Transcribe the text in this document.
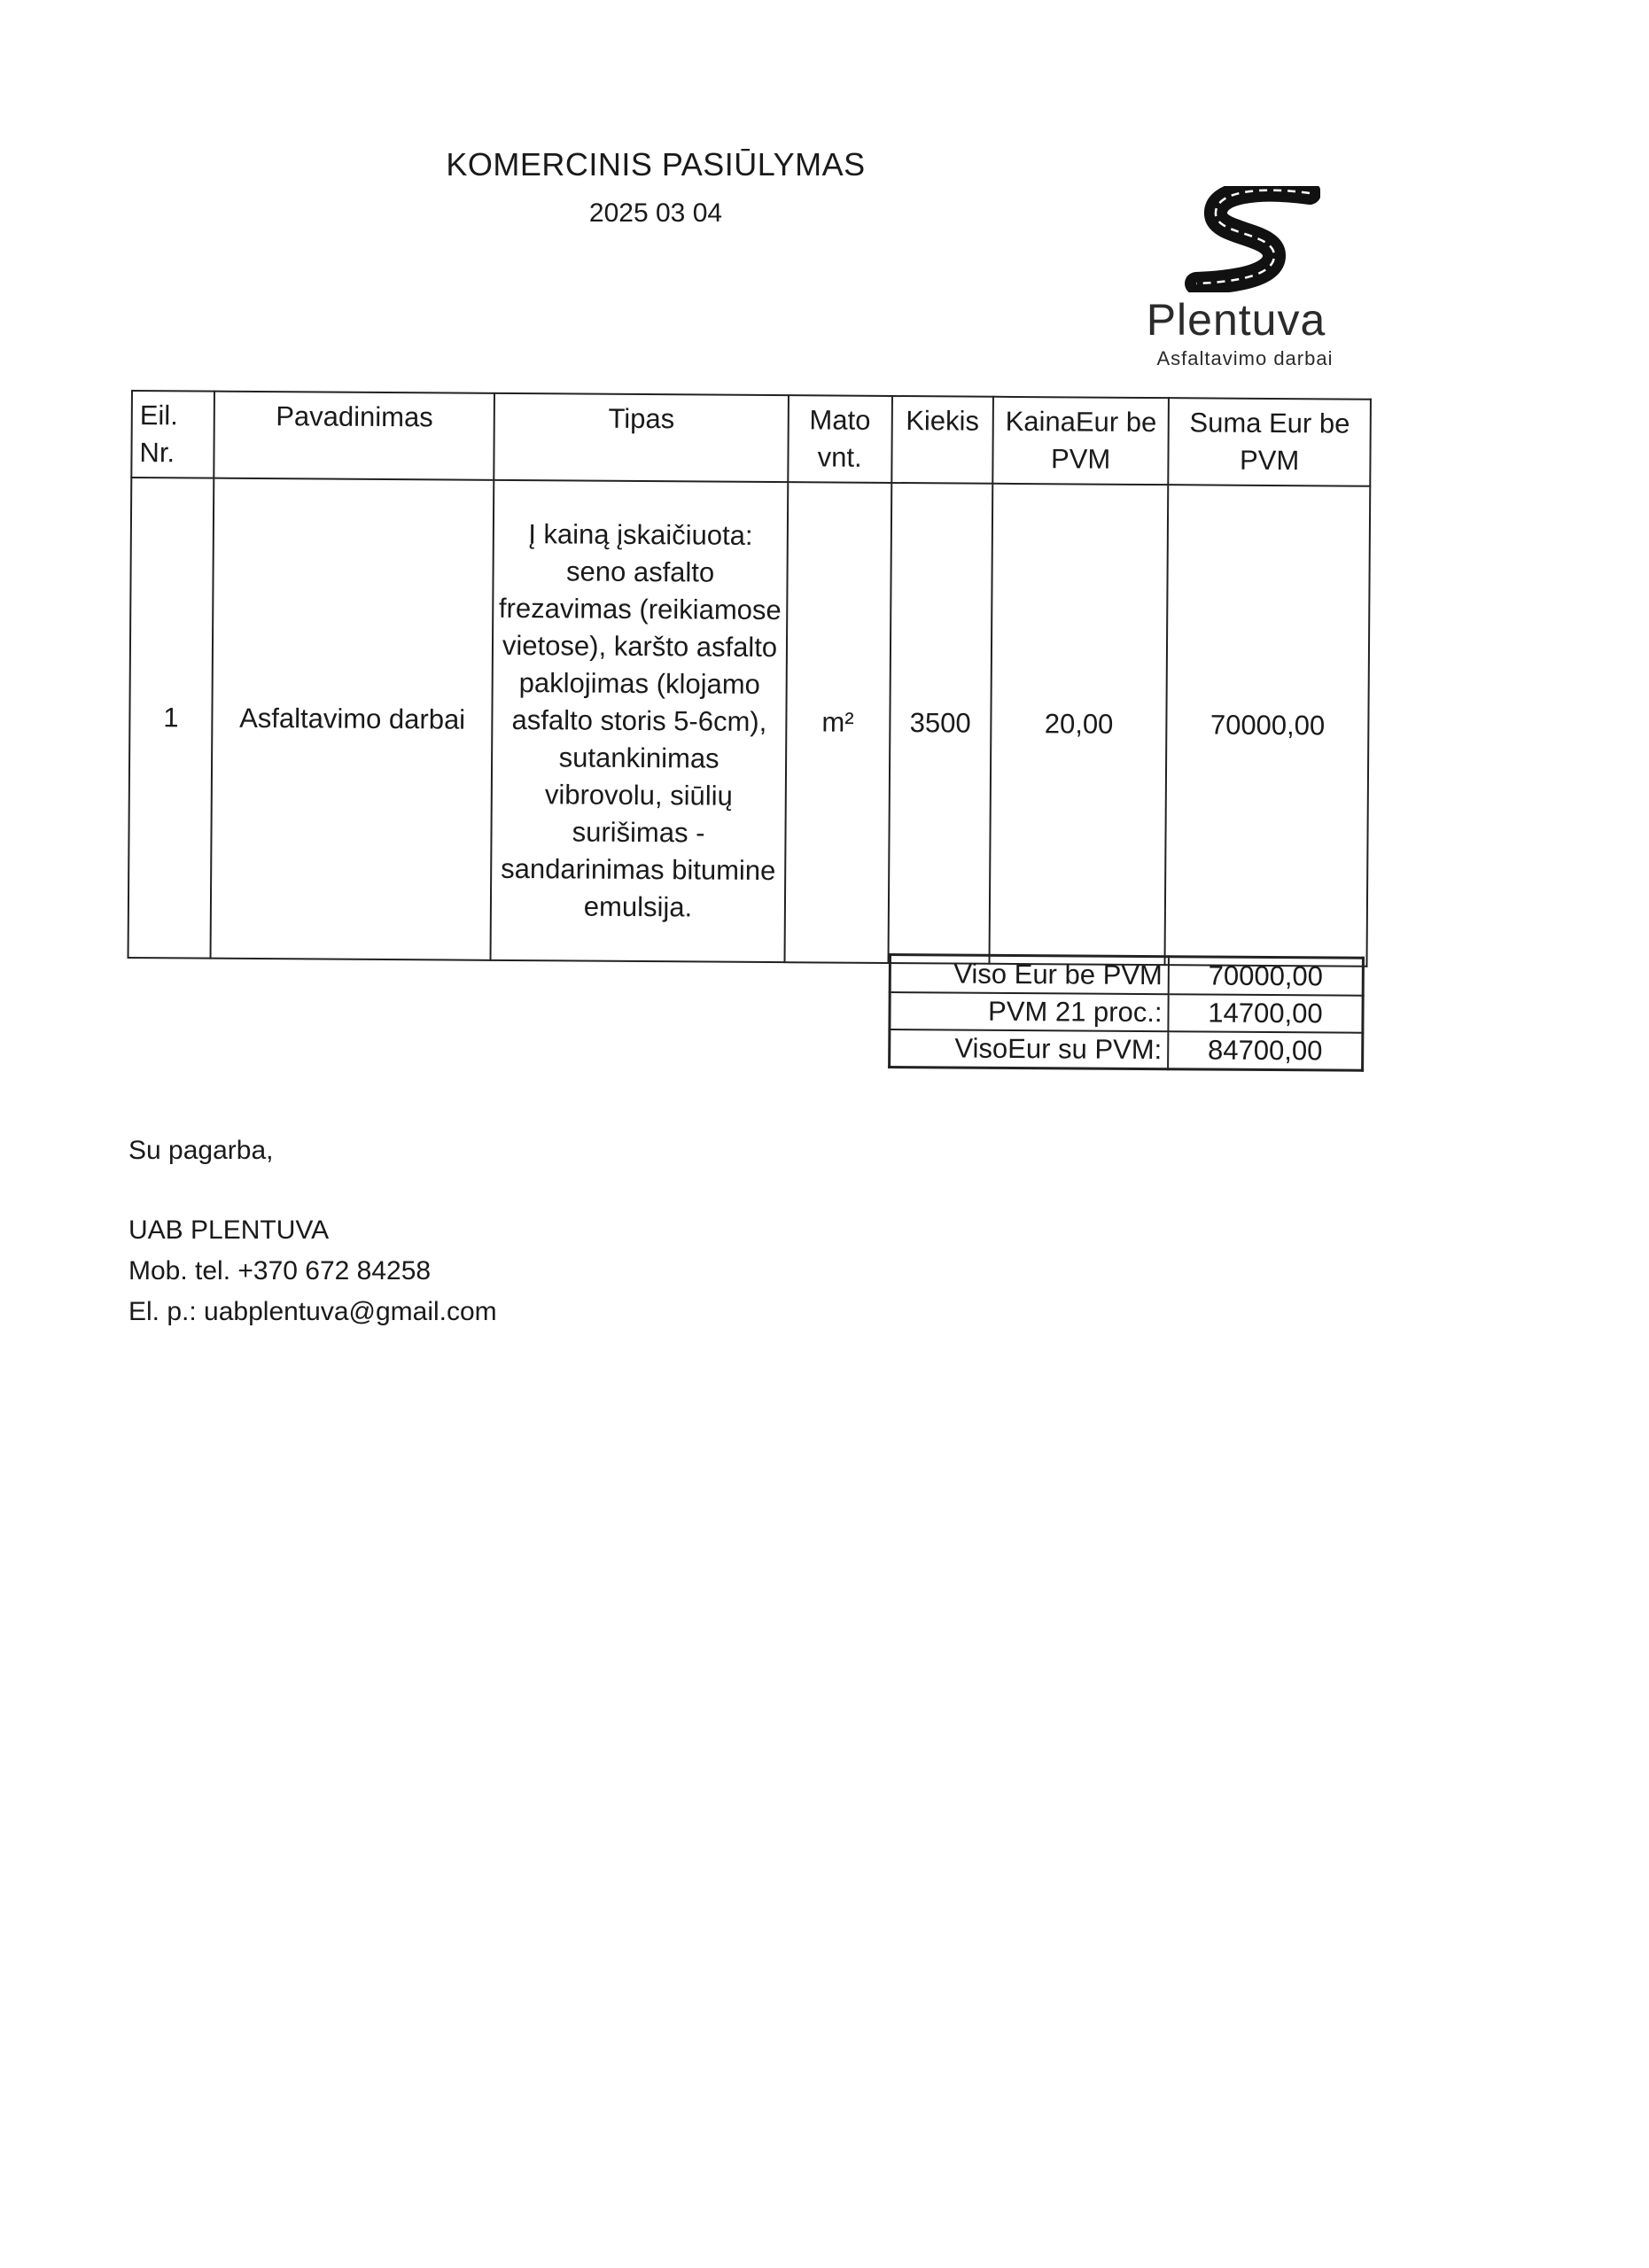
KOMERCINIS PASIŪLYMAS
2025 03 04
Plentuva
Asfaltavimo darbai
Eil. Nr.	Pavadinimas	Tipas	Mato vnt.	Kiekis	KainaEur be PVM	Suma Eur be PVM
1	Asfaltavimo darbai	Į kainą įskaičiuota: seno asfalto frezavimas (reikiamose vietose), karšto asfalto paklojimas (klojamo asfalto storis 5-6cm), sutankinimas vibrovolu, siūlių surišimas - sandarinimas bitumine emulsija.	m²	3500	20,00	70000,00
Viso Eur be PVM	70000,00
PVM 21 proc.:	14700,00
VisoEur su PVM:	84700,00
Su pagarba,
UAB PLENTUVA
Mob. tel. +370 672 84258
El. p.: uabplentuva@gmail.com
